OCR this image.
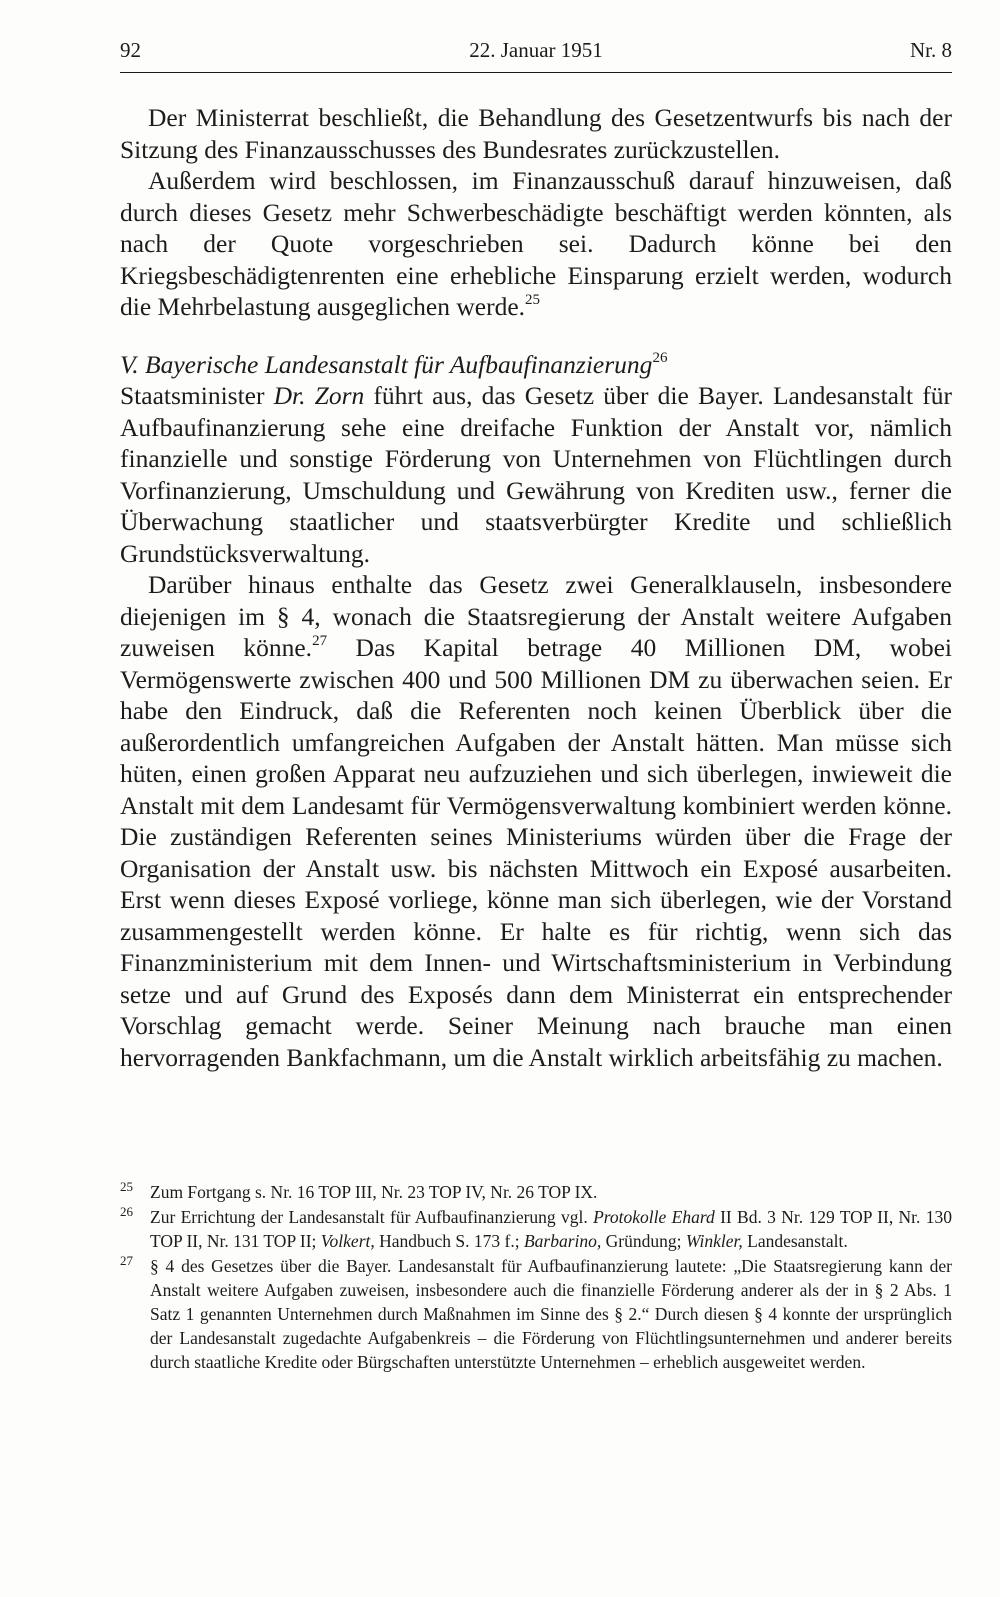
92	22. Januar 1951	Nr. 8

Der Ministerrat beschließt, die Behandlung des Gesetzentwurfs bis nach der Sitzung des Finanzausschusses des Bundesrates zurückzustellen.

Außerdem wird beschlossen, im Finanzausschuß darauf hinzuweisen, daß durch dieses Gesetz mehr Schwerbeschädigte beschäftigt werden könnten, als nach der Quote vorgeschrieben sei. Dadurch könne bei den Kriegsbeschädigtenrenten eine erhebliche Einsparung erzielt werden, wodurch die Mehrbelastung ausgeglichen werde.$^{25}$

V. Bayerische Landesanstalt für Aufbaufinanzierung$^{26}$

Staatsminister Dr. Zorn führt aus, das Gesetz über die Bayer. Landesanstalt für Aufbaufinanzierung sehe eine dreifache Funktion der Anstalt vor, nämlich finanzielle und sonstige Förderung von Unternehmen von Flüchtlingen durch Vorfinanzierung, Umschuldung und Gewährung von Krediten usw., ferner die Überwachung staatlicher und staatsverbürgter Kredite und schließlich Grundstücksverwaltung.

Darüber hinaus enthalte das Gesetz zwei Generalklauseln, insbesondere diejenigen im § 4, wonach die Staatsregierung der Anstalt weitere Aufgaben zuweisen könne.$^{27}$ Das Kapital betrage 40 Millionen DM, wobei Vermögenswerte zwischen 400 und 500 Millionen DM zu überwachen seien. Er habe den Eindruck, daß die Referenten noch keinen Überblick über die außerordentlich umfangreichen Aufgaben der Anstalt hätten. Man müsse sich hüten, einen großen Apparat neu aufzuziehen und sich überlegen, inwieweit die Anstalt mit dem Landesamt für Vermögensverwaltung kombiniert werden könne. Die zuständigen Referenten seines Ministeriums würden über die Frage der Organisation der Anstalt usw. bis nächsten Mittwoch ein Exposé ausarbeiten. Erst wenn dieses Exposé vorliege, könne man sich überlegen, wie der Vorstand zusammengestellt werden könne. Er halte es für richtig, wenn sich das Finanzministerium mit dem Innen- und Wirtschaftsministerium in Verbindung setze und auf Grund des Exposés dann dem Ministerrat ein entsprechender Vorschlag gemacht werde. Seiner Meinung nach brauche man einen hervorragenden Bankfachmann, um die Anstalt wirklich arbeitsfähig zu machen.

25 Zum Fortgang s. Nr. 16 TOP III, Nr. 23 TOP IV, Nr. 26 TOP IX.
26 Zur Errichtung der Landesanstalt für Aufbaufinanzierung vgl. Protokolle Ehard II Bd. 3 Nr. 129 TOP II, Nr. 130 TOP II, Nr. 131 TOP II; Volkert, Handbuch S. 173 f.; Barbarino, Gründung; Winkler, Landesanstalt.
27 § 4 des Gesetzes über die Bayer. Landesanstalt für Aufbaufinanzierung lautete: „Die Staatsregierung kann der Anstalt weitere Aufgaben zuweisen, insbesondere auch die finanzielle Förderung anderer als der in § 2 Abs. 1 Satz 1 genannten Unternehmen durch Maßnahmen im Sinne des § 2.“ Durch diesen § 4 konnte der ursprünglich der Landesanstalt zugedachte Aufgabenkreis – die Förderung von Flüchtlingsunternehmen und anderer bereits durch staatliche Kredite oder Bürgschaften unterstützte Unternehmen – erheblich ausgeweitet werden.
